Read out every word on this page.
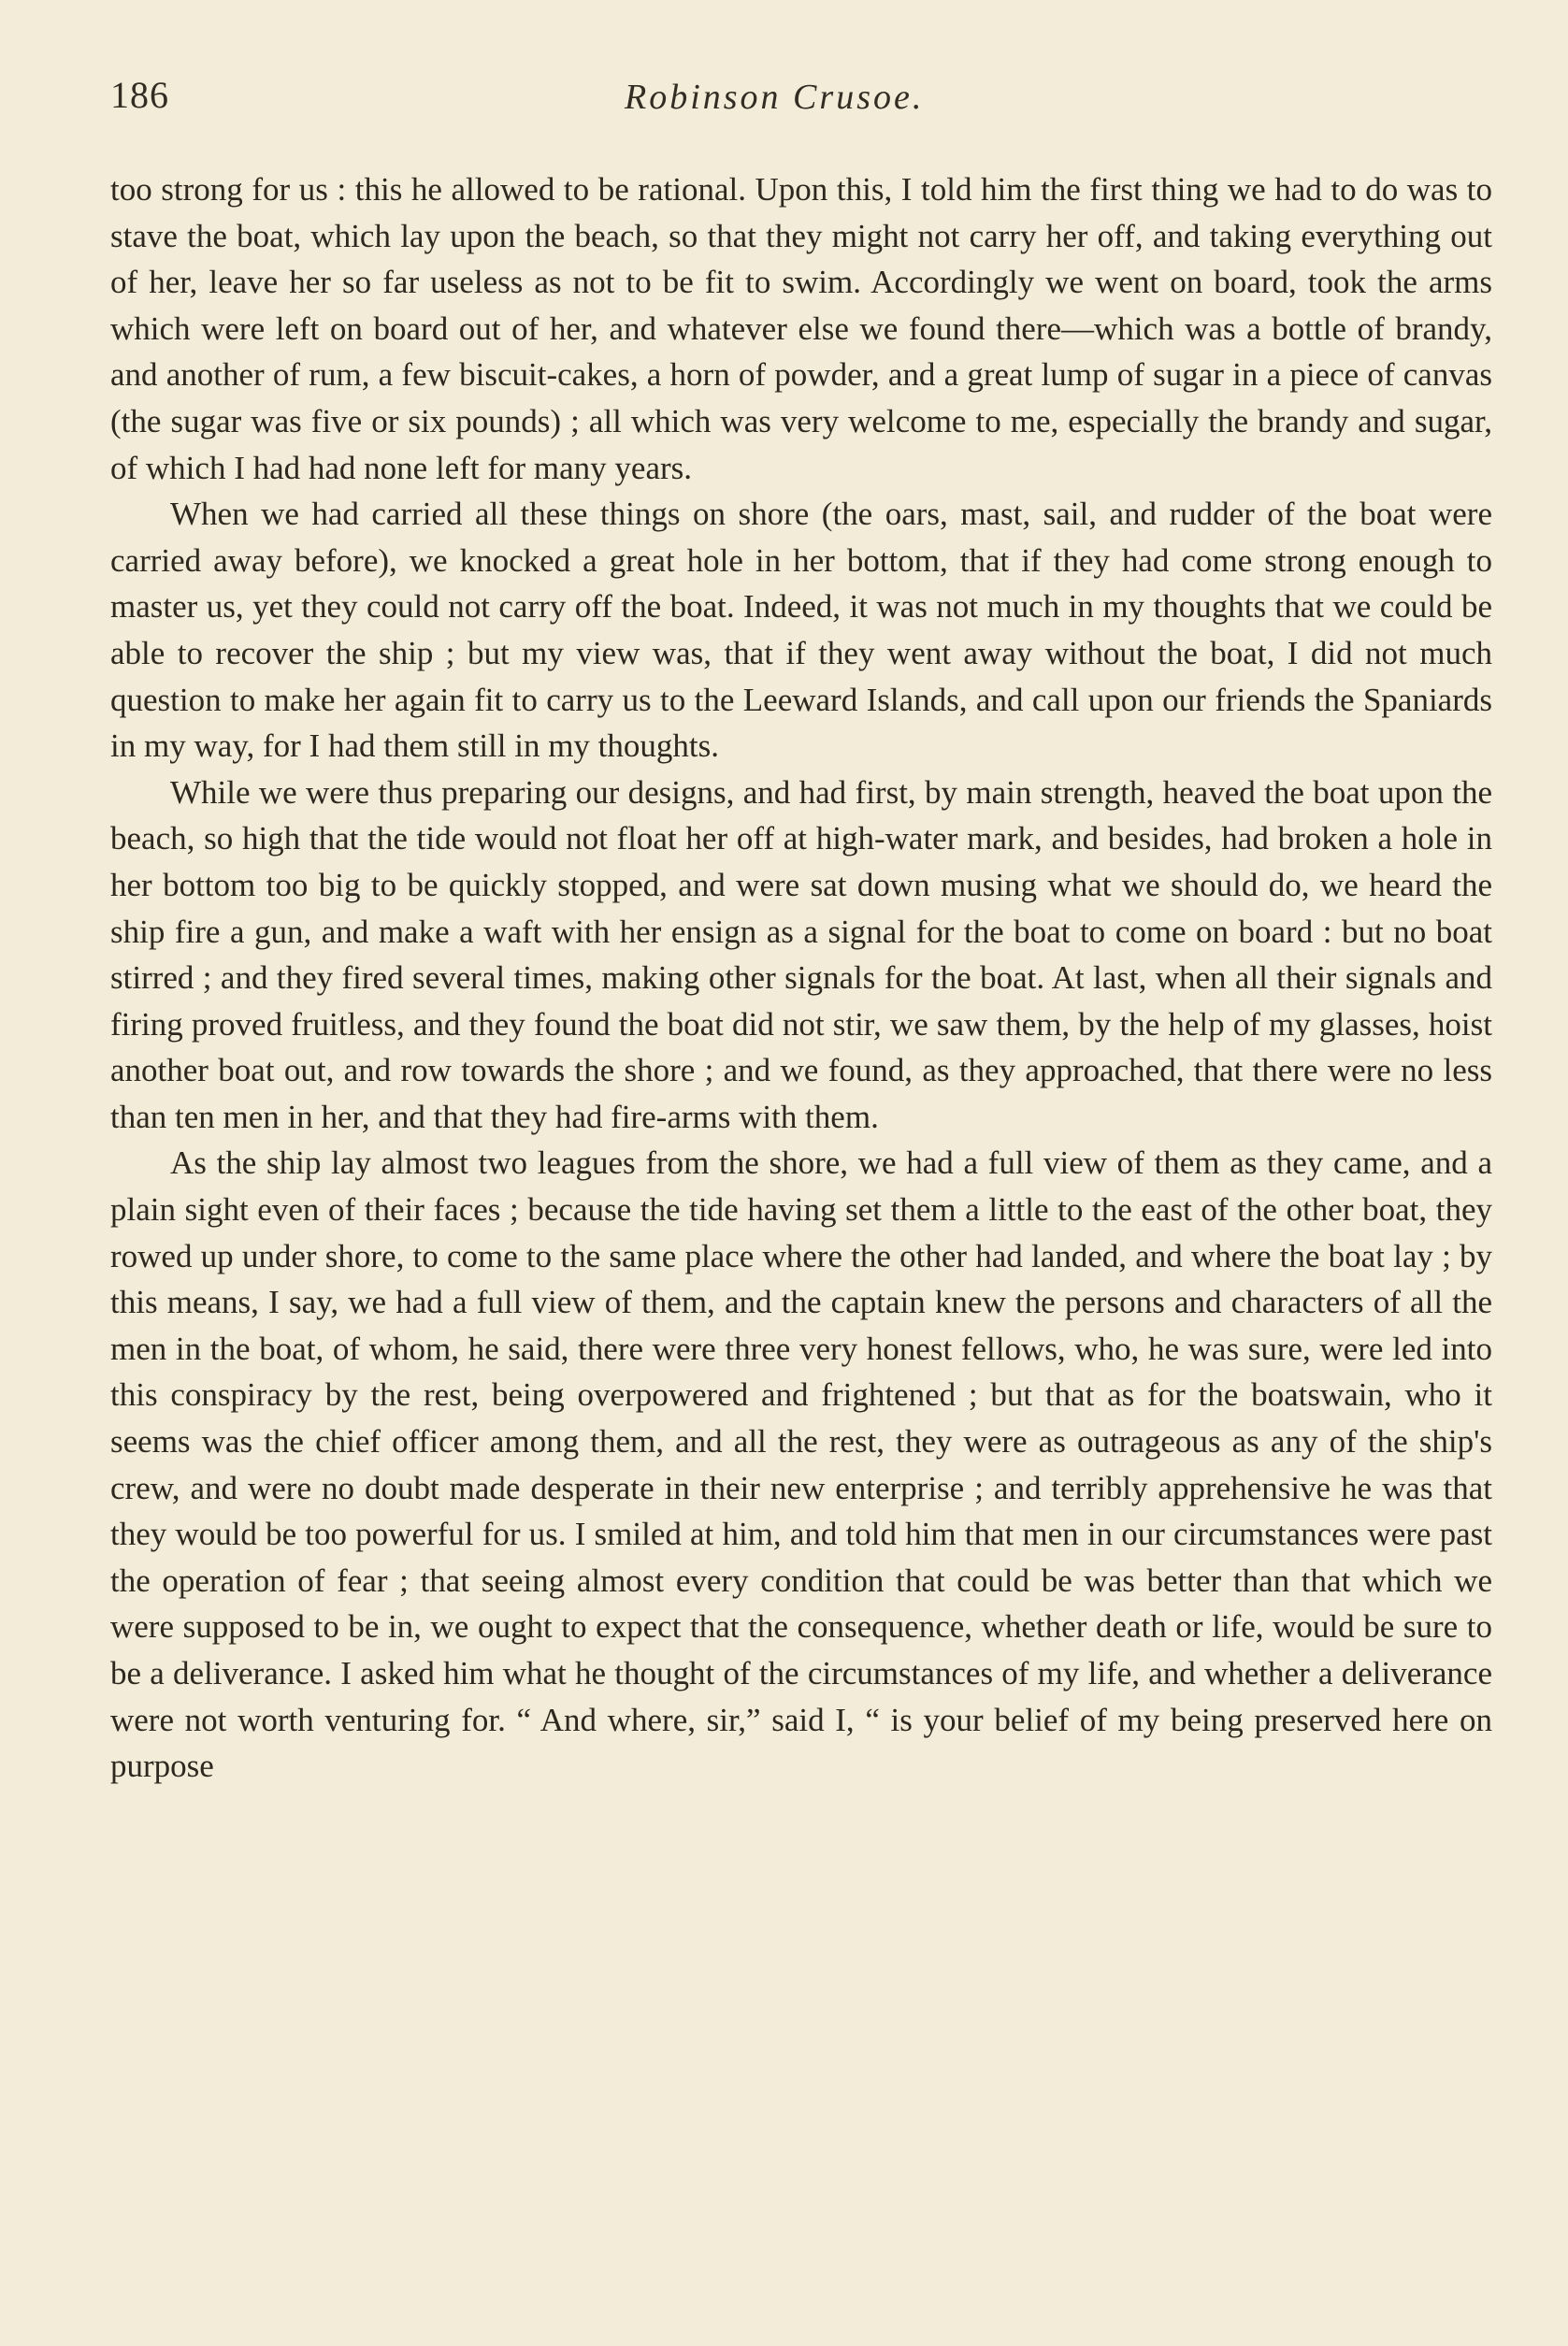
186	Robinson Crusoe.

too strong for us : this he allowed to be rational. Upon this, I told him the first thing we had to do was to stave the boat, which lay upon the beach, so that they might not carry her off, and taking everything out of her, leave her so far useless as not to be fit to swim. Accordingly we went on board, took the arms which were left on board out of her, and whatever else we found there—which was a bottle of brandy, and another of rum, a few biscuit-cakes, a horn of powder, and a great lump of sugar in a piece of canvas (the sugar was five or six pounds) ; all which was very welcome to me, especially the brandy and sugar, of which I had had none left for many years.

When we had carried all these things on shore (the oars, mast, sail, and rudder of the boat were carried away before), we knocked a great hole in her bottom, that if they had come strong enough to master us, yet they could not carry off the boat. Indeed, it was not much in my thoughts that we could be able to recover the ship ; but my view was, that if they went away without the boat, I did not much question to make her again fit to carry us to the Leeward Islands, and call upon our friends the Spaniards in my way, for I had them still in my thoughts.

While we were thus preparing our designs, and had first, by main strength, heaved the boat upon the beach, so high that the tide would not float her off at high-water mark, and besides, had broken a hole in her bottom too big to be quickly stopped, and were sat down musing what we should do, we heard the ship fire a gun, and make a waft with her ensign as a signal for the boat to come on board : but no boat stirred ; and they fired several times, making other signals for the boat. At last, when all their signals and firing proved fruitless, and they found the boat did not stir, we saw them, by the help of my glasses, hoist another boat out, and row towards the shore ; and we found, as they approached, that there were no less than ten men in her, and that they had fire-arms with them.

As the ship lay almost two leagues from the shore, we had a full view of them as they came, and a plain sight even of their faces ; because the tide having set them a little to the east of the other boat, they rowed up under shore, to come to the same place where the other had landed, and where the boat lay ; by this means, I say, we had a full view of them, and the captain knew the persons and characters of all the men in the boat, of whom, he said, there were three very honest fellows, who, he was sure, were led into this conspiracy by the rest, being overpowered and frightened ; but that as for the boatswain, who it seems was the chief officer among them, and all the rest, they were as outrageous as any of the ship's crew, and were no doubt made desperate in their new enterprise ; and terribly apprehensive he was that they would be too powerful for us. I smiled at him, and told him that men in our circumstances were past the operation of fear ; that seeing almost every condition that could be was better than that which we were supposed to be in, we ought to expect that the consequence, whether death or life, would be sure to be a deliverance. I asked him what he thought of the circumstances of my life, and whether a deliverance were not worth venturing for. “ And where, sir,” said I, “ is your belief of my being preserved here on purpose
